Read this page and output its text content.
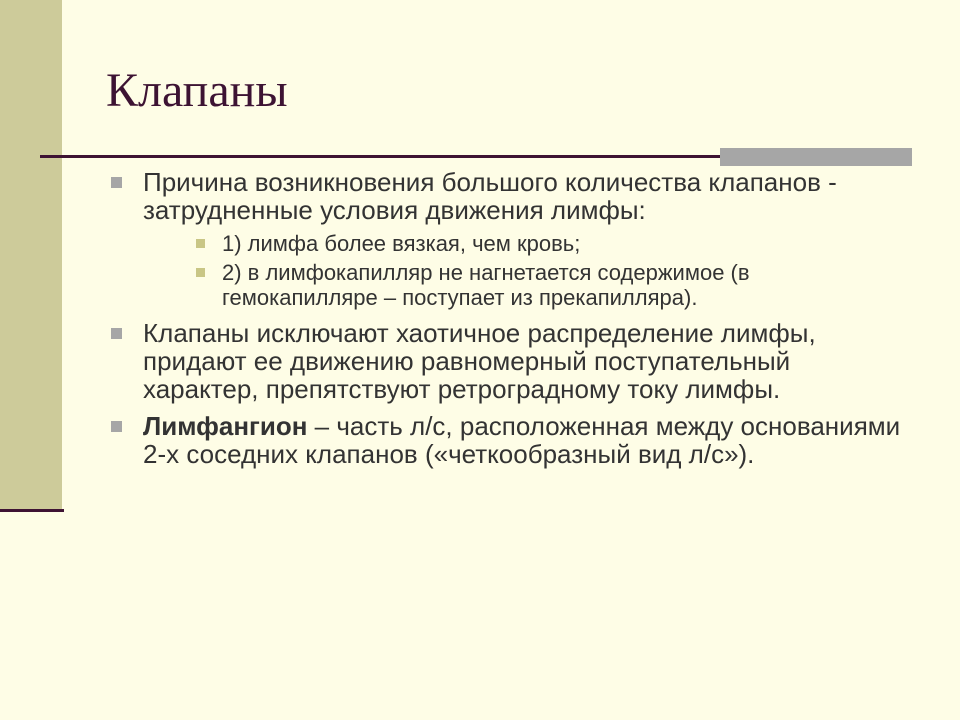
Клапаны
Причина возникновения большого количества клапанов - затрудненные условия движения лимфы:
1) лимфа более вязкая, чем кровь;
2) в лимфокапилляр не нагнетается содержимое (в гемокапилляре – поступает из прекапилляра).
Клапаны исключают хаотичное распределение лимфы, придают ее движению равномерный поступательный характер, препятствуют ретроградному току лимфы.
Лимфангион – часть л/с, расположенная между основаниями 2-х соседних клапанов («четкообразный вид л/с»).
